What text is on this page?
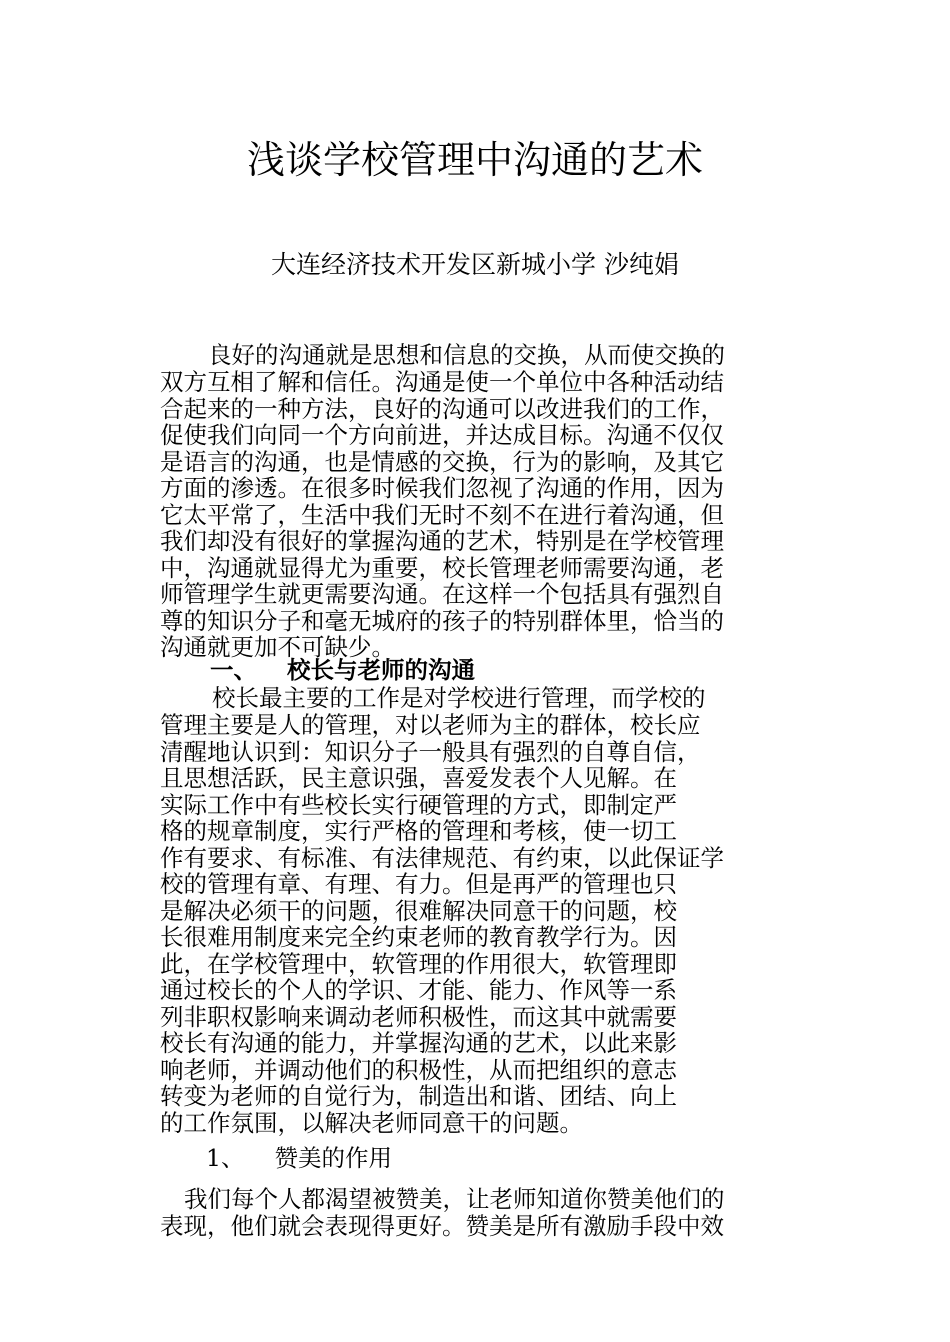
浅谈学校管理中沟通的艺术

大连经济技术开发区新城小学 沙纯娟

良好的沟通就是思想和信息的交换，从而使交换的

双方互相了解和信任。沟通是使一个单位中各种活动结

合起来的一种方法，良好的沟通可以改进我们的工作，

促使我们向同一个方向前进，并达成目标。沟通不仅仅

是语言的沟通，也是情感的交换，行为的影响，及其它

方面的渗透。在很多时候我们忽视了沟通的作用，因为

它太平常了，生活中我们无时不刻不在进行着沟通，但

我们却没有很好的掌握沟通的艺术，特别是在学校管理

中，沟通就显得尤为重要，校长管理老师需要沟通，老

师管理学生就更需要沟通。在这样一个包括具有强烈自

尊的知识分子和毫无城府的孩子的特别群体里，恰当的

沟通就更加不可缺少。

一、 校长与老师的沟通

校长最主要的工作是对学校进行管理，而学校的

管理主要是人的管理，对以老师为主的群体，校长应

清醒地认识到：知识分子一般具有强烈的自尊自信，

且思想活跃，民主意识强，喜爱发表个人见解。在

实际工作中有些校长实行硬管理的方式，即制定严

格的规章制度，实行严格的管理和考核，使一切工

作有要求、有标准、有法律规范、有约束，以此保证学

校的管理有章、有理、有力。但是再严的管理也只

是解决必须干的问题，很难解决同意干的问题，校

长很难用制度来完全约束老师的教育教学行为。因

此，在学校管理中，软管理的作用很大，软管理即

通过校长的个人的学识、才能、能力、作风等一系

列非职权影响来调动老师积极性，而这其中就需要

校长有沟通的能力，并掌握沟通的艺术，以此来影

响老师，并调动他们的积极性，从而把组织的意志

转变为老师的自觉行为，制造出和谐、团结、向上

的工作氛围，以解决老师同意干的问题。

1、 赞美的作用

我们每个人都渴望被赞美，让老师知道你赞美他们的

表现，他们就会表现得更好。赞美是所有激励手段中效
